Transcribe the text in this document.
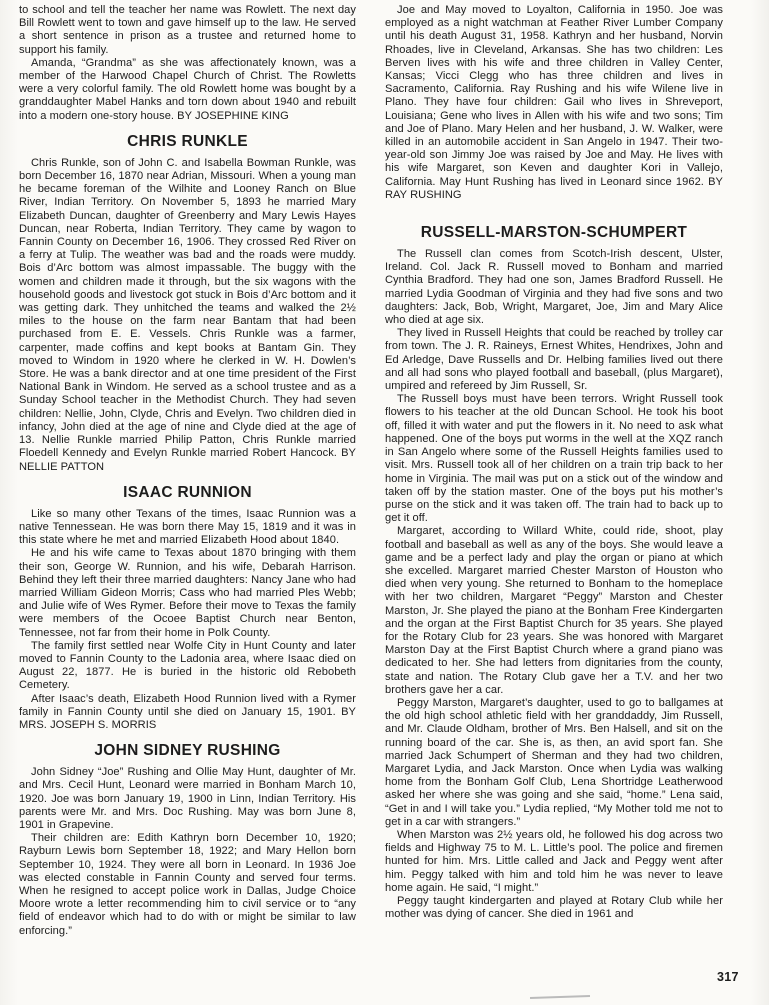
to school and tell the teacher her name was Rowlett. The next day Bill Rowlett went to town and gave himself up to the law. He served a short sentence in prison as a trustee and returned home to support his family.

Amanda, “Grandma” as she was affectionately known, was a member of the Harwood Chapel Church of Christ. The Rowletts were a very colorful family. The old Rowlett home was bought by a granddaughter Mabel Hanks and torn down about 1940 and rebuilt into a modern one-story house. BY JOSEPHINE KING

CHRIS RUNKLE

Chris Runkle, son of John C. and Isabella Bowman Runkle, was born December 16, 1870 near Adrian, Missouri. When a young man he became foreman of the Wilhite and Looney Ranch on Blue River, Indian Territory. On November 5, 1893 he married Mary Elizabeth Duncan, daughter of Greenberry and Mary Lewis Hayes Duncan, near Roberta, Indian Territory. They came by wagon to Fannin County on December 16, 1906. They crossed Red River on a ferry at Tulip. The weather was bad and the roads were muddy. Bois d’Arc bottom was almost impassable. The buggy with the women and children made it through, but the six wagons with the household goods and livestock got stuck in Bois d’Arc bottom and it was getting dark. They unhitched the teams and walked the 2½ miles to the house on the farm near Bantam that had been purchased from E. E. Vessels. Chris Runkle was a farmer, carpenter, made coffins and kept books at Bantam Gin. They moved to Windom in 1920 where he clerked in W. H. Dowlen’s Store. He was a bank director and at one time president of the First National Bank in Windom. He served as a school trustee and as a Sunday School teacher in the Methodist Church. They had seven children: Nellie, John, Clyde, Chris and Evelyn. Two children died in infancy, John died at the age of nine and Clyde died at the age of 13. Nellie Runkle married Philip Patton, Chris Runkle married Floedell Kennedy and Evelyn Runkle married Robert Hancock. BY NELLIE PATTON

ISAAC RUNNION

Like so many other Texans of the times, Isaac Runnion was a native Tennessean. He was born there May 15, 1819 and it was in this state where he met and married Elizabeth Hood about 1840.

He and his wife came to Texas about 1870 bringing with them their son, George W. Runnion, and his wife, Debarah Harrison. Behind they left their three married daughters: Nancy Jane who had married William Gideon Morris; Cass who had married Ples Webb; and Julie wife of Wes Rymer. Before their move to Texas the family were members of the Ocoee Baptist Church near Benton, Tennessee, not far from their home in Polk County.

The family first settled near Wolfe City in Hunt County and later moved to Fannin County to the Ladonia area, where Isaac died on August 22, 1877. He is buried in the historic old Rebobeth Cemetery.

After Isaac’s death, Elizabeth Hood Runnion lived with a Rymer family in Fannin County until she died on January 15, 1901. BY MRS. JOSEPH S. MORRIS

JOHN SIDNEY RUSHING

John Sidney “Joe” Rushing and Ollie May Hunt, daughter of Mr. and Mrs. Cecil Hunt, Leonard were married in Bonham March 10, 1920. Joe was born January 19, 1900 in Linn, Indian Territory. His parents were Mr. and Mrs. Doc Rushing. May was born June 8, 1901 in Grapevine.

Their children are: Edith Kathryn born December 10, 1920; Rayburn Lewis born September 18, 1922; and Mary Hellon born September 10, 1924. They were all born in Leonard. In 1936 Joe was elected constable in Fannin County and served four terms. When he resigned to accept police work in Dallas, Judge Choice Moore wrote a letter recommending him to civil service or to “any field of endeavor which had to do with or might be similar to law enforcing.”

Joe and May moved to Loyalton, California in 1950. Joe was employed as a night watchman at Feather River Lumber Company until his death August 31, 1958. Kathryn and her husband, Norvin Rhoades, live in Cleveland, Arkansas. She has two children: Les Berven lives with his wife and three children in Valley Center, Kansas; Vicci Clegg who has three children and lives in Sacramento, California. Ray Rushing and his wife Wilene live in Plano. They have four children: Gail who lives in Shreveport, Louisiana; Gene who lives in Allen with his wife and two sons; Tim and Joe of Plano. Mary Helen and her husband, J. W. Walker, were killed in an automobile accident in San Angelo in 1947. Their two-year-old son Jimmy Joe was raised by Joe and May. He lives with his wife Margaret, son Keven and daughter Kori in Vallejo, California. May Hunt Rushing has lived in Leonard since 1962. BY RAY RUSHING

RUSSELL-MARSTON-SCHUMPERT

The Russell clan comes from Scotch-Irish descent, Ulster, Ireland. Col. Jack R. Russell moved to Bonham and married Cynthia Bradford. They had one son, James Bradford Russell. He married Lydia Goodman of Virginia and they had five sons and two daughters: Jack, Bob, Wright, Margaret, Joe, Jim and Mary Alice who died at age six.

They lived in Russell Heights that could be reached by trolley car from town. The J. R. Raineys, Ernest Whites, Hendrixes, John and Ed Arledge, Dave Russells and Dr. Helbing families lived out there and all had sons who played football and baseball, (plus Margaret), umpired and refereed by Jim Russell, Sr.

The Russell boys must have been terrors. Wright Russell took flowers to his teacher at the old Duncan School. He took his boot off, filled it with water and put the flowers in it. No need to ask what happened. One of the boys put worms in the well at the XQZ ranch in San Angelo where some of the Russell Heights families used to visit. Mrs. Russell took all of her children on a train trip back to her home in Virginia. The mail was put on a stick out of the window and taken off by the station master. One of the boys put his mother’s purse on the stick and it was taken off. The train had to back up to get it off.

Margaret, according to Willard White, could ride, shoot, play football and baseball as well as any of the boys. She would leave a game and be a perfect lady and play the organ or piano at which she excelled. Margaret married Chester Marston of Houston who died when very young. She returned to Bonham to the homeplace with her two children, Margaret “Peggy” Marston and Chester Marston, Jr. She played the piano at the Bonham Free Kindergarten and the organ at the First Baptist Church for 35 years. She played for the Rotary Club for 23 years. She was honored with Margaret Marston Day at the First Baptist Church where a grand piano was dedicated to her. She had letters from dignitaries from the county, state and nation. The Rotary Club gave her a T.V. and her two brothers gave her a car.

Peggy Marston, Margaret’s daughter, used to go to ballgames at the old high school athletic field with her granddaddy, Jim Russell, and Mr. Claude Oldham, brother of Mrs. Ben Halsell, and sit on the running board of the car. She is, as then, an avid sport fan. She married Jack Schumpert of Sherman and they had two children, Margaret Lydia, and Jack Marston. Once when Lydia was walking home from the Bonham Golf Club, Lena Shortridge Leatherwood asked her where she was going and she said, “home.” Lena said, “Get in and I will take you.” Lydia replied, “My Mother told me not to get in a car with strangers.”

When Marston was 2½ years old, he followed his dog across two fields and Highway 75 to M. L. Little’s pool. The police and firemen hunted for him. Mrs. Little called and Jack and Peggy went after him. Peggy talked with him and told him he was never to leave home again. He said, “I might.”

Peggy taught kindergarten and played at Rotary Club while her mother was dying of cancer. She died in 1961 and

317
